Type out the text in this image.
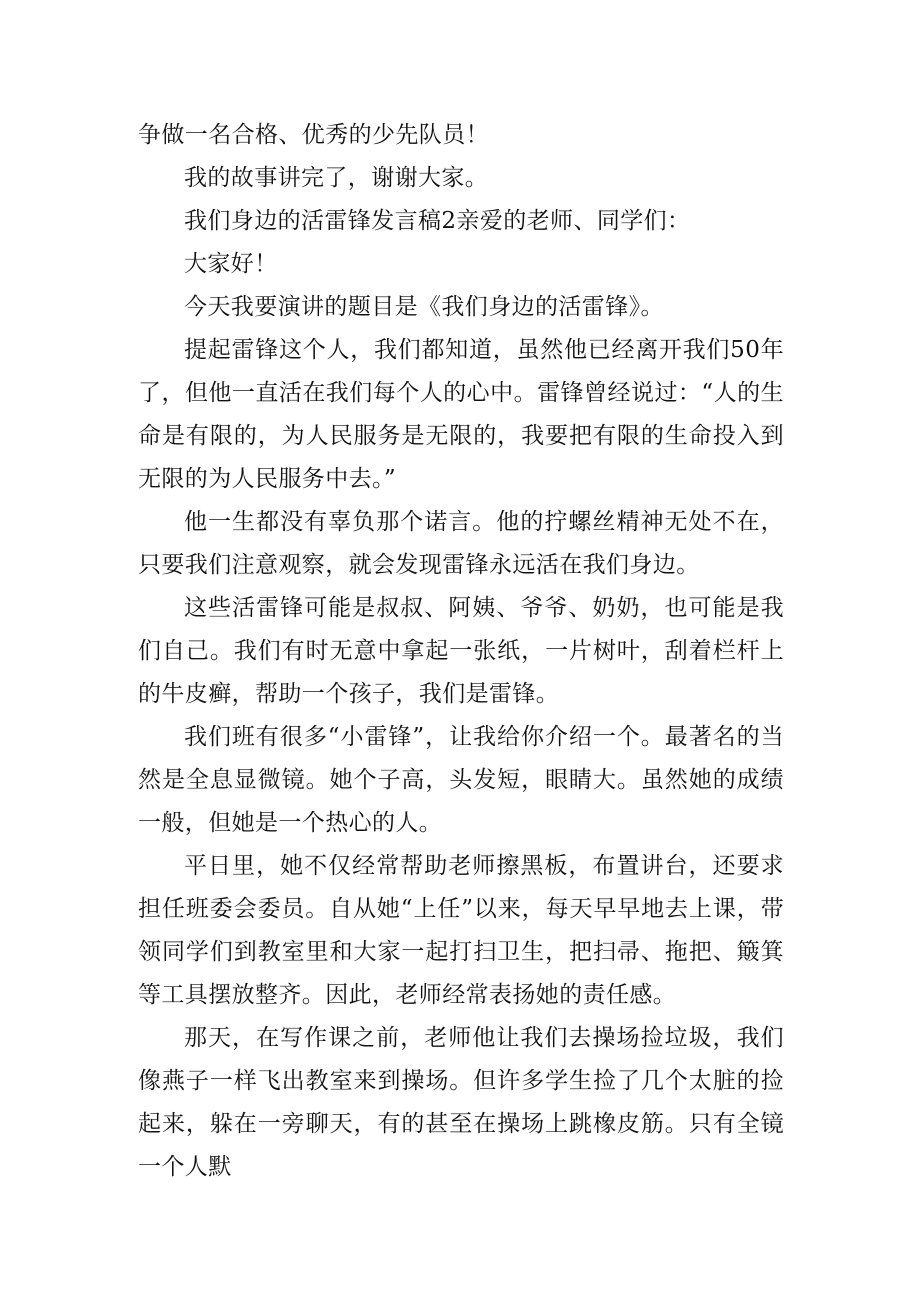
争做一名合格、优秀的少先队员！

我的故事讲完了，谢谢大家。

我们身边的活雷锋发言稿2亲爱的老师、同学们：

大家好！

今天我要演讲的题目是《我们身边的活雷锋》。

提起雷锋这个人，我们都知道，虽然他已经离开我们50年了，但他一直活在我们每个人的心中。雷锋曾经说过：“人的生命是有限的，为人民服务是无限的，我要把有限的生命投入到无限的为人民服务中去。”

他一生都没有辜负那个诺言。他的拧螺丝精神无处不在，只要我们注意观察，就会发现雷锋永远活在我们身边。

这些活雷锋可能是叔叔、阿姨、爷爷、奶奶，也可能是我们自己。我们有时无意中拿起一张纸，一片树叶，刮着栏杆上的牛皮癣，帮助一个孩子，我们是雷锋。

我们班有很多“小雷锋”，让我给你介绍一个。最著名的当然是全息显微镜。她个子高，头发短，眼睛大。虽然她的成绩一般，但她是一个热心的人。

平日里，她不仅经常帮助老师擦黑板，布置讲台，还要求担任班委会委员。自从她“上任”以来，每天早早地去上课，带领同学们到教室里和大家一起打扫卫生，把扫帚、拖把、簸箕等工具摆放整齐。因此，老师经常表扬她的责任感。

那天，在写作课之前，老师他让我们去操场捡垃圾，我们像燕子一样飞出教室来到操场。但许多学生捡了几个太脏的捡起来，躲在一旁聊天，有的甚至在操场上跳橡皮筋。只有全镜一个人默
